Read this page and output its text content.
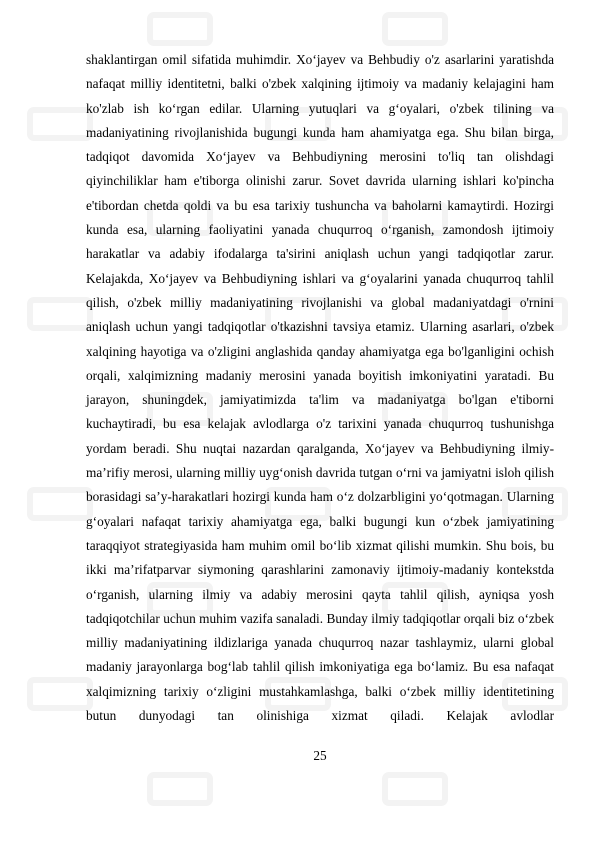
shaklantirgan omil sifatida muhimdir. Xo‘jayev va Behbudiy o'z asarlarini yaratishda nafaqat milliy identitetni, balki o'zbek xalqining ijtimoiy va madaniy kelajagini ham ko'zlab ish ko‘rgan edilar. Ularning yutuqlari va g‘oyalari, o'zbek tilining va madaniyatining rivojlanishida bugungi kunda ham ahamiyatga ega. Shu bilan birga, tadqiqot davomida Xo‘jayev va Behbudiyning merosini to'liq tan olishdagi qiyinchiliklar ham e'tiborga olinishi zarur. Sovet davrida ularning ishlari ko'pincha e'tibordan chetda qoldi va bu esa tarixiy tushuncha va baholarni kamaytirdi. Hozirgi kunda esa, ularning faoliyatini yanada chuqurroq o‘rganish, zamondosh ijtimoiy harakatlar va adabiy ifodalarga ta'sirini aniqlash uchun yangi tadqiqotlar zarur. Kelajakda, Xo‘jayev va Behbudiyning ishlari va g‘oyalarini yanada chuqurroq tahlil qilish, o'zbek milliy madaniyatining rivojlanishi va global madaniyatdagi o'rnini aniqlash uchun yangi tadqiqotlar o'tkazishni tavsiya etamiz. Ularning asarlari, o'zbek xalqining hayotiga va o'zligini anglashida qanday ahamiyatga ega bo'lganligini ochish orqali, xalqimizning madaniy merosini yanada boyitish imkoniyatini yaratadi. Bu jarayon, shuningdek, jamiyatimizda ta'lim va madaniyatga bo'lgan e'tiborni kuchaytiradi, bu esa kelajak avlodlarga o'z tarixini yanada chuqurroq tushunishga yordam beradi. Shu nuqtai nazardan qaralganda, Xo‘jayev va Behbudiyning ilmiy-ma’rifiy merosi, ularning milliy uyg‘onish davrida tutgan o‘rni va jamiyatni isloh qilish borasidagi sa’y-harakatlari hozirgi kunda ham o‘z dolzarbligini yo‘qotmagan. Ularning g‘oyalari nafaqat tarixiy ahamiyatga ega, balki bugungi kun o‘zbek jamiyatining taraqqiyot strategiyasida ham muhim omil bo‘lib xizmat qilishi mumkin. Shu bois, bu ikki ma’rifatparvar siymoning qarashlarini zamonaviy ijtimoiy-madaniy kontekstda o‘rganish, ularning ilmiy va adabiy merosini qayta tahlil qilish, ayniqsa yosh tadqiqotchilar uchun muhim vazifa sanaladi. Bunday ilmiy tadqiqotlar orqali biz o‘zbek milliy madaniyatining ildizlariga yanada chuqurroq nazar tashlaymiz, ularni global madaniy jarayonlarga bog‘lab tahlil qilish imkoniyatiga ega bo‘lamiz. Bu esa nafaqat xalqimizning tarixiy o‘zligini mustahkamlashga, balki o‘zbek milliy identitetining butun dunyodagi tan olinishiga xizmat qiladi. Kelajak avlodlar

25
